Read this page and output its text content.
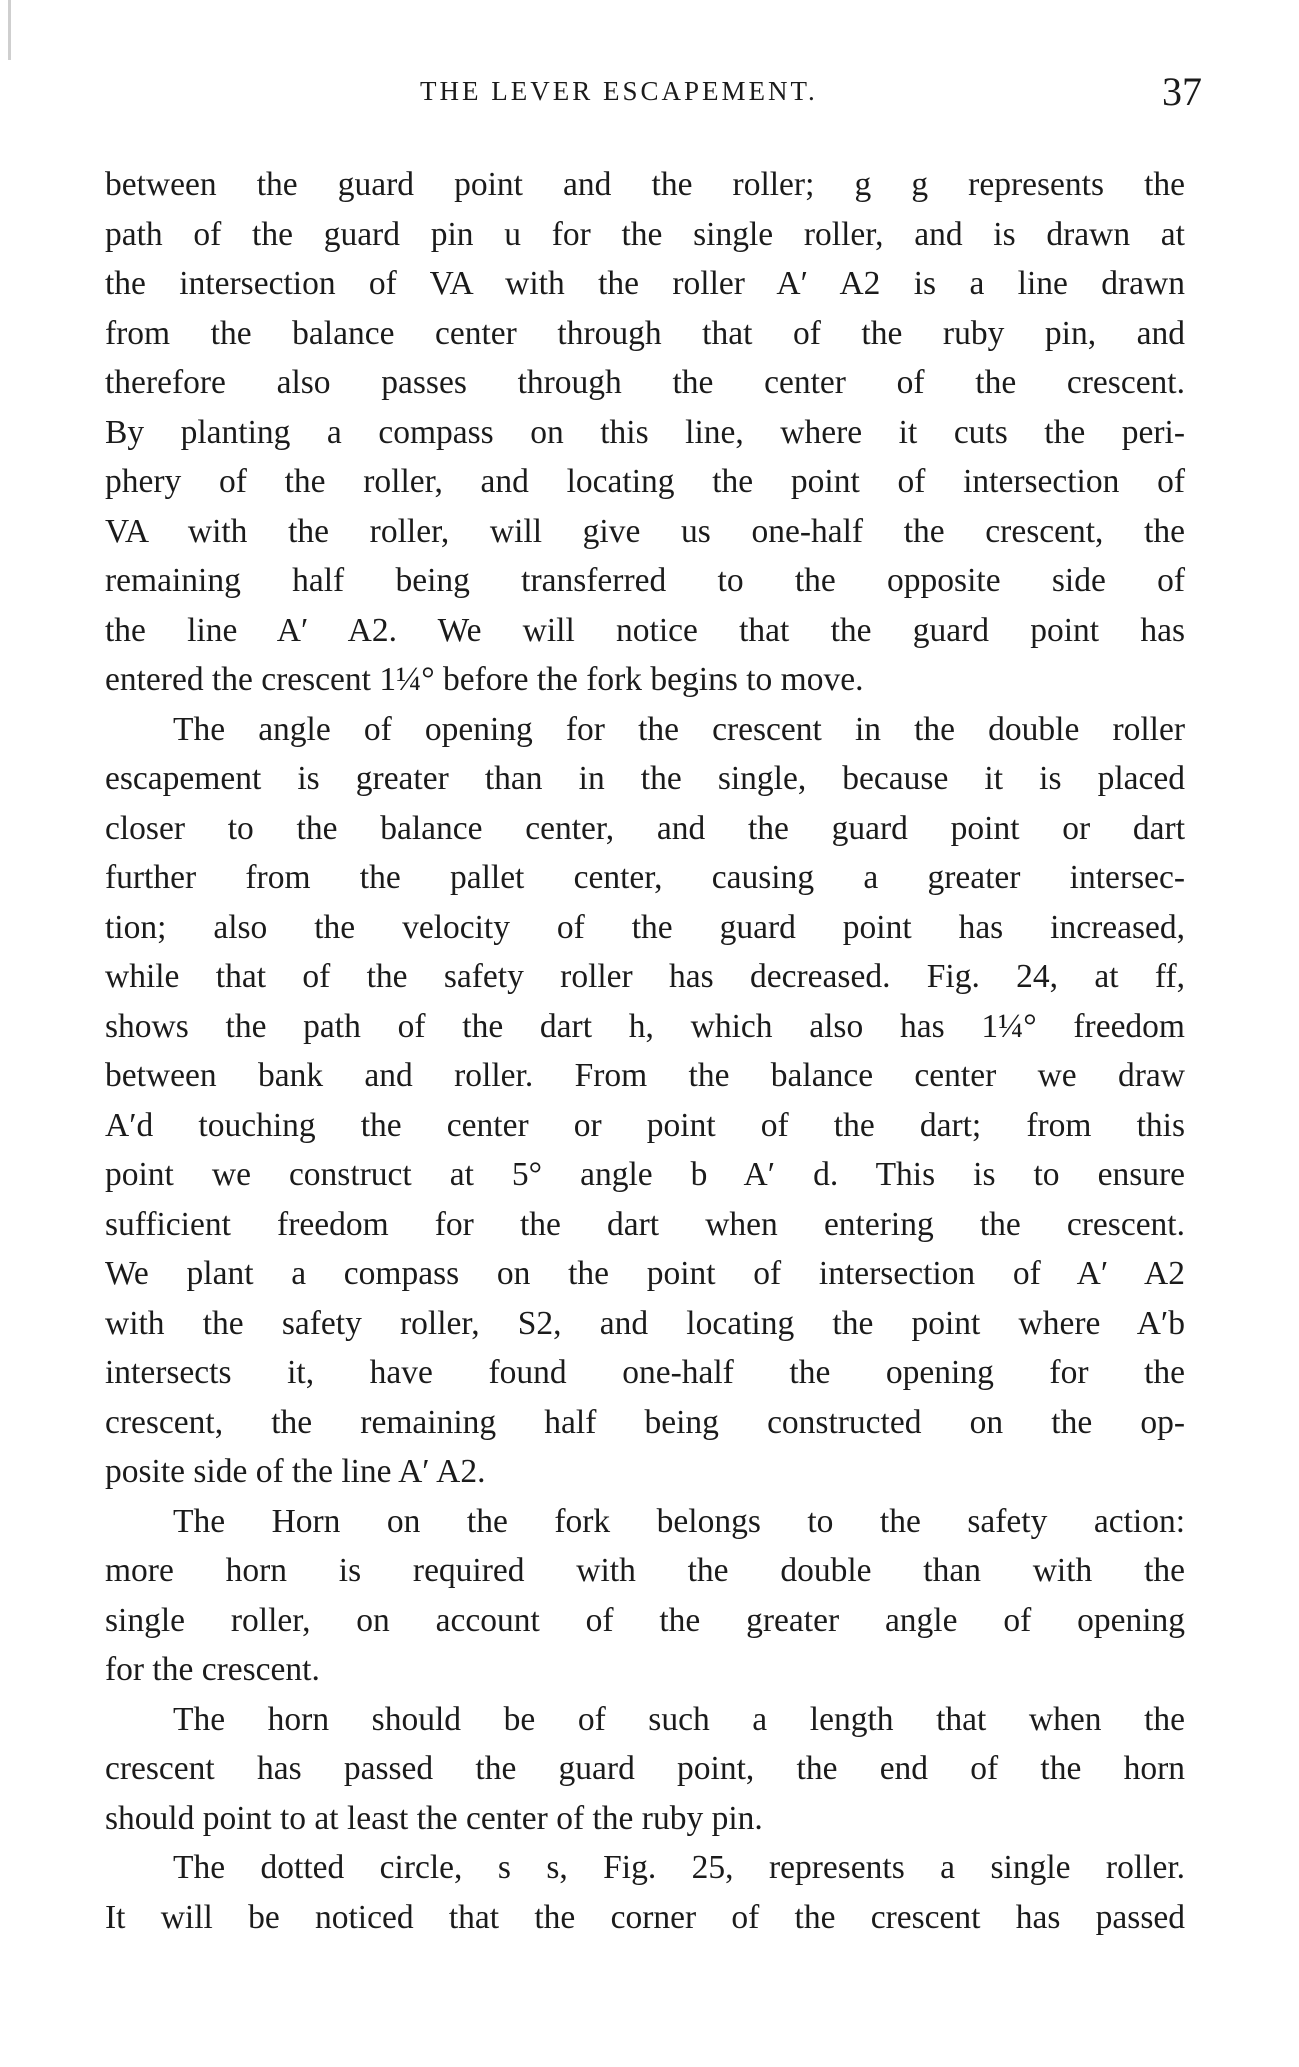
THE LEVER ESCAPEMENT.	37
between the guard point and the roller; g g represents the
path of the guard pin u for the single roller, and is drawn at
the intersection of VA with the roller A′ A2 is a line drawn
from the balance center through that of the ruby pin, and
therefore also passes through the center of the crescent.
By planting a compass on this line, where it cuts the peri-
phery of the roller, and locating the point of intersection of
VA with the roller, will give us one-half the crescent, the
remaining half being transferred to the opposite side of
the line A′ A2. We will notice that the guard point has
entered the crescent 1¼° before the fork begins to move.
The angle of opening for the crescent in the double roller
escapement is greater than in the single, because it is placed
closer to the balance center, and the guard point or dart
further from the pallet center, causing a greater intersec-
tion; also the velocity of the guard point has increased,
while that of the safety roller has decreased. Fig. 24, at ff,
shows the path of the dart h, which also has 1¼° freedom
between bank and roller. From the balance center we draw
A′d touching the center or point of the dart; from this
point we construct at 5° angle b A′ d. This is to ensure
sufficient freedom for the dart when entering the crescent.
We plant a compass on the point of intersection of A′ A2
with the safety roller, S2, and locating the point where A′b
intersects it, have found one-half the opening for the
crescent, the remaining half being constructed on the op-
posite side of the line A′ A2.
The Horn on the fork belongs to the safety action:
more horn is required with the double than with the
single roller, on account of the greater angle of opening
for the crescent.
The horn should be of such a length that when the
crescent has passed the guard point, the end of the horn
should point to at least the center of the ruby pin.
The dotted circle, s s, Fig. 25, represents a single roller.
It will be noticed that the corner of the crescent has passed
